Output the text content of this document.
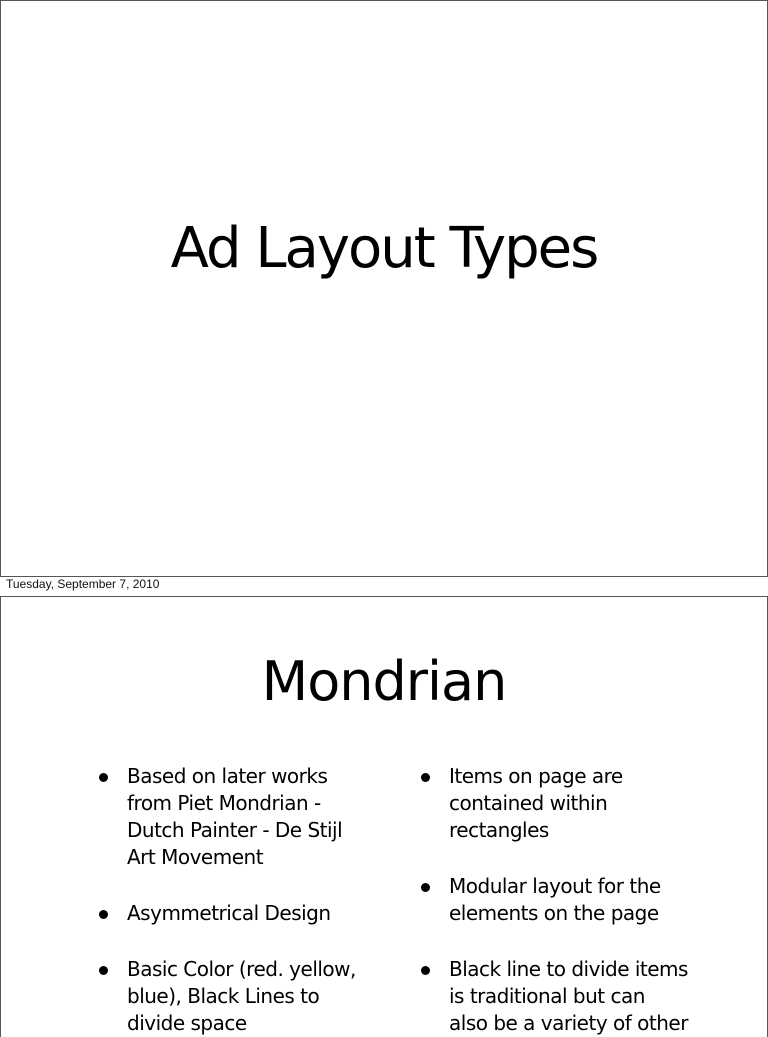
Ad Layout Types
Tuesday, September 7, 2010
Mondrian
Based on later works from Piet Mondrian - Dutch Painter - De Stijl Art Movement
Asymmetrical Design
Basic Color (red. yellow, blue), Black Lines to divide space
Items on page are contained within rectangles
Modular layout for the elements on the page
Black line to divide items is traditional but can also be a variety of other
